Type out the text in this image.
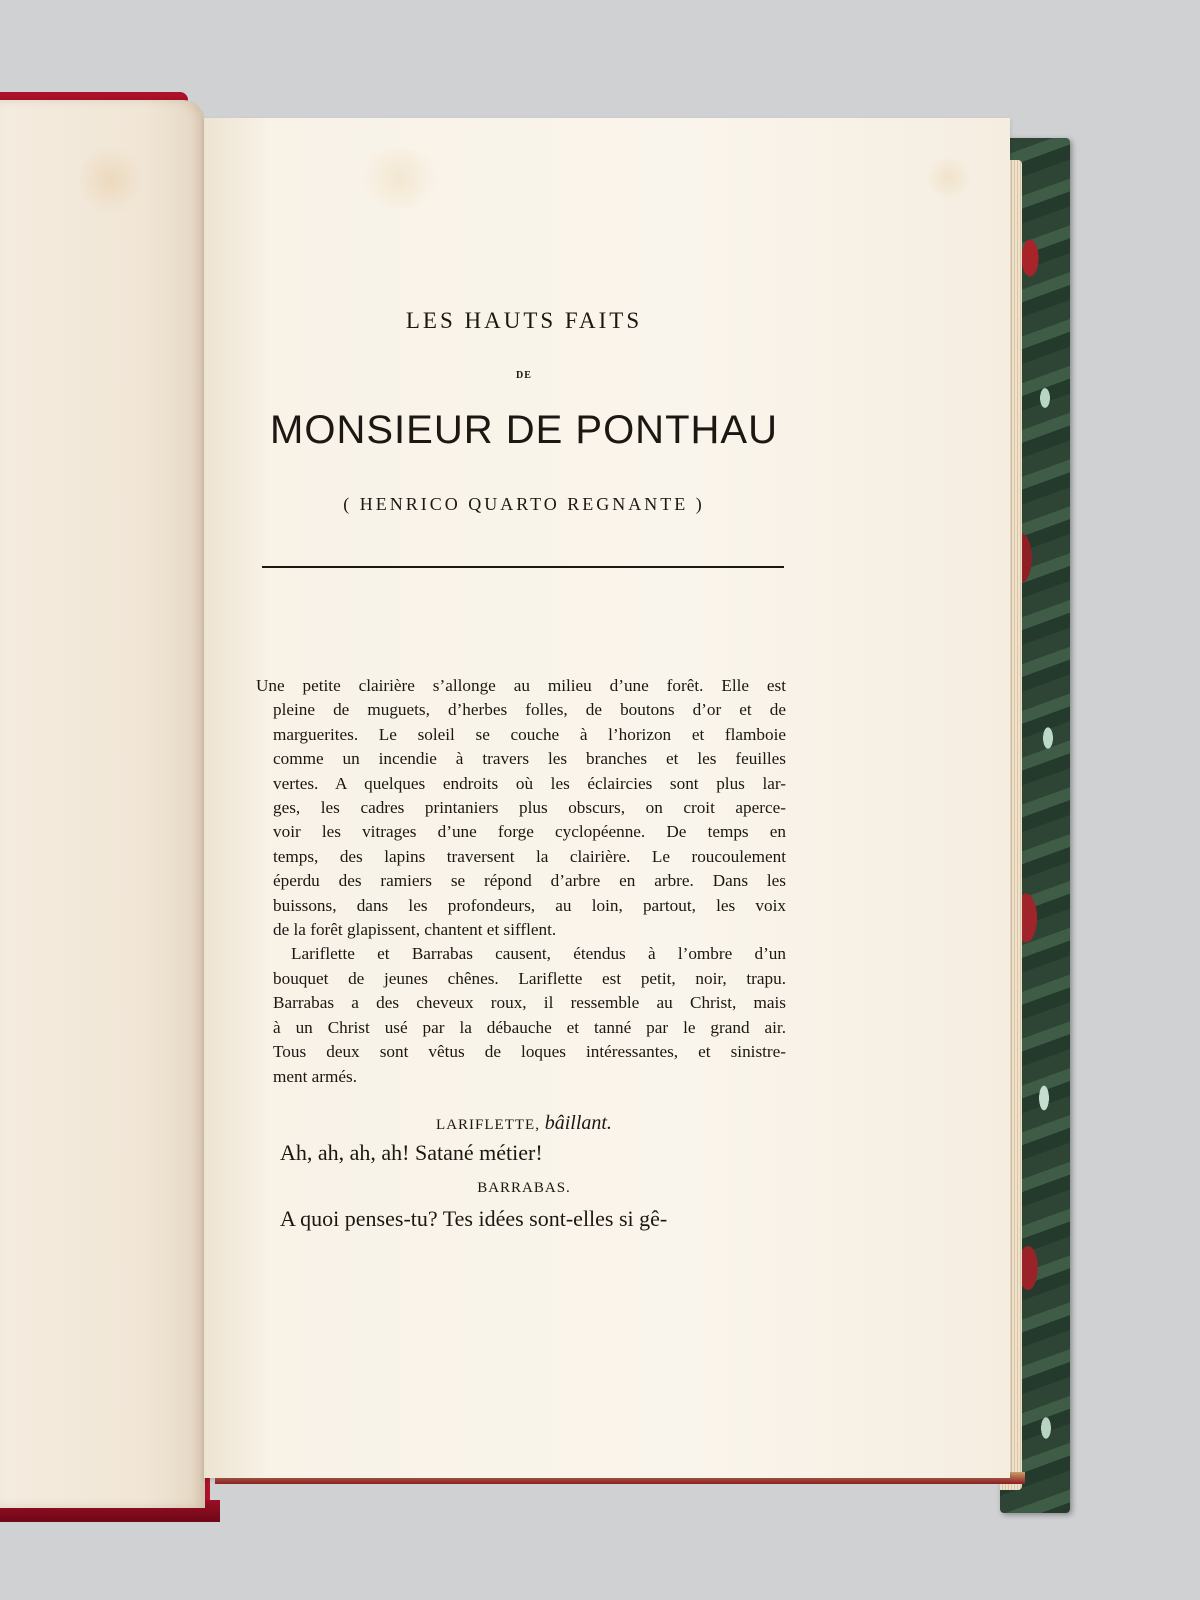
LES HAUTS FAITS
DE
MONSIEUR DE PONTHAU
( HENRICO QUARTO REGNANTE )
Une petite clairière s’allonge au milieu d’une forêt. Elle est
pleine de muguets, d’herbes folles, de boutons d’or et de
marguerites. Le soleil se couche à l’horizon et flamboie
comme un incendie à travers les branches et les feuilles
vertes. A quelques endroits où les éclaircies sont plus lar-
ges, les cadres printaniers plus obscurs, on croit aperce-
voir les vitrages d’une forge cyclopéenne. De temps en
temps, des lapins traversent la clairière. Le roucoulement
éperdu des ramiers se répond d’arbre en arbre. Dans les
buissons, dans les profondeurs, au loin, partout, les voix
de la forêt glapissent, chantent et sifflent.
Lariflette et Barrabas causent, étendus à l’ombre d’un
bouquet de jeunes chênes. Lariflette est petit, noir, trapu.
Barrabas a des cheveux roux, il ressemble au Christ, mais
à un Christ usé par la débauche et tanné par le grand air.
Tous deux sont vêtus de loques intéressantes, et sinistre-
ment armés.
LARIFLETTE, bâillant.
Ah, ah, ah, ah! Satané métier!
BARRABAS.
A quoi penses-tu? Tes idées sont-elles si gê-
